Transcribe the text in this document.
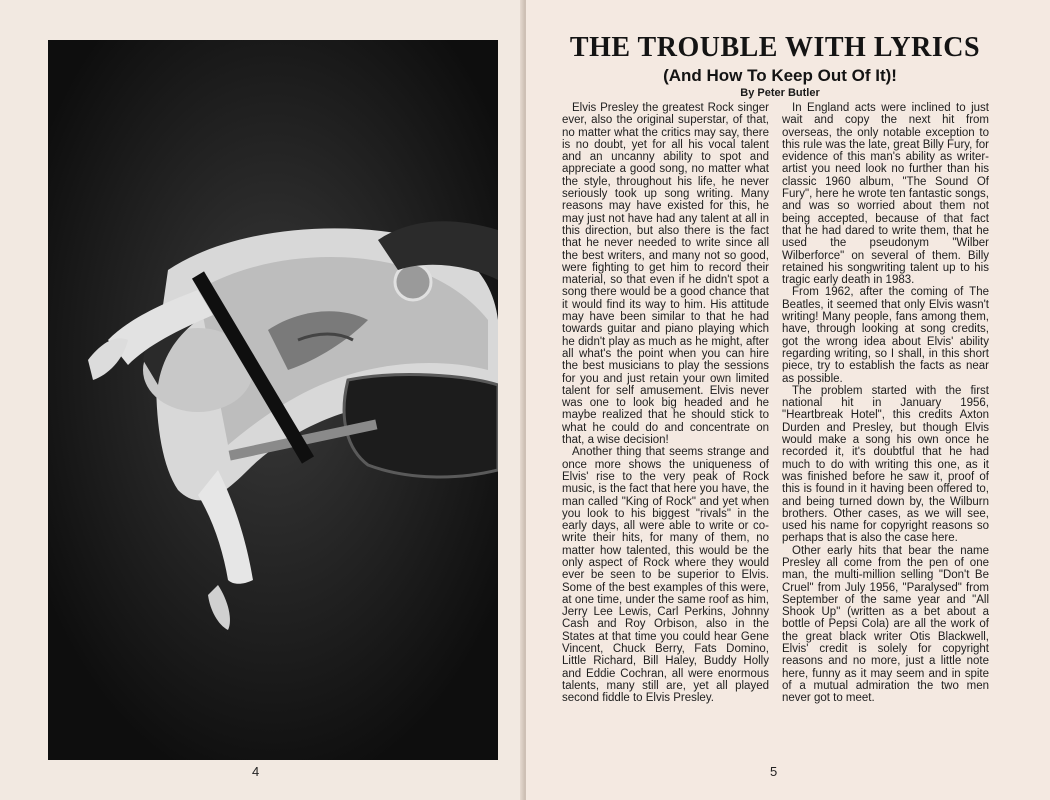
4
THE TROUBLE WITH LYRICS
(And How To Keep Out Of It)!
By Peter Butler

Elvis Presley the greatest Rock singer ever, also the original superstar, of that, no matter what the critics may say, there is no doubt, yet for all his vocal talent and an uncanny ability to spot and appreciate a good song, no matter what the style, throughout his life, he never seriously took up song writing. Many reasons may have existed for this, he may just not have had any talent at all in this direction, but also there is the fact that he never needed to write since all the best writers, and many not so good, were fighting to get him to record their material, so that even if he didn't spot a song there would be a good chance that it would find its way to him. His attitude may have been similar to that he had towards guitar and piano playing which he didn't play as much as he might, after all what's the point when you can hire the best musicians to play the sessions for you and just retain your own limited talent for self amusement. Elvis never was one to look big headed and he maybe realized that he should stick to what he could do and concentrate on that, a wise decision!

Another thing that seems strange and once more shows the uniqueness of Elvis' rise to the very peak of Rock music, is the fact that here you have, the man called "King of Rock" and yet when you look to his biggest "rivals" in the early days, all were able to write or co-write their hits, for many of them, no matter how talented, this would be the only aspect of Rock where they would ever be seen to be superior to Elvis. Some of the best examples of this were, at one time, under the same roof as him, Jerry Lee Lewis, Carl Perkins, Johnny Cash and Roy Orbison, also in the States at that time you could hear Gene Vincent, Chuck Berry, Fats Domino, Little Richard, Bill Haley, Buddy Holly and Eddie Cochran, all were enormous talents, many still are, yet all played second fiddle to Elvis Presley.

In England acts were inclined to just wait and copy the next hit from overseas, the only notable exception to this rule was the late, great Billy Fury, for evidence of this man's ability as writer-artist you need look no further than his classic 1960 album, "The Sound Of Fury", here he wrote ten fantastic songs, and was so worried about them not being accepted, because of that fact that he had dared to write them, that he used the pseudonym "Wilber Wilberforce" on several of them. Billy retained his songwriting talent up to his tragic early death in 1983.

From 1962, after the coming of The Beatles, it seemed that only Elvis wasn't writing! Many people, fans among them, have, through looking at song credits, got the wrong idea about Elvis' ability regarding writing, so I shall, in this short piece, try to establish the facts as near as possible.

The problem started with the first national hit in January 1956, "Heartbreak Hotel", this credits Axton Durden and Presley, but though Elvis would make a song his own once he recorded it, it's doubtful that he had much to do with writing this one, as it was finished before he saw it, proof of this is found in it having been offered to, and being turned down by, the Wilburn brothers. Other cases, as we will see, used his name for copyright reasons so perhaps that is also the case here.

Other early hits that bear the name Presley all come from the pen of one man, the multi-million selling "Don't Be Cruel" from July 1956, "Paralysed" from September of the same year and "All Shook Up" (written as a bet about a bottle of Pepsi Cola) are all the work of the great black writer Otis Blackwell, Elvis' credit is solely for copyright reasons and no more, just a little note here, funny as it may seem and in spite of a mutual admiration the two men never got to meet.

5
